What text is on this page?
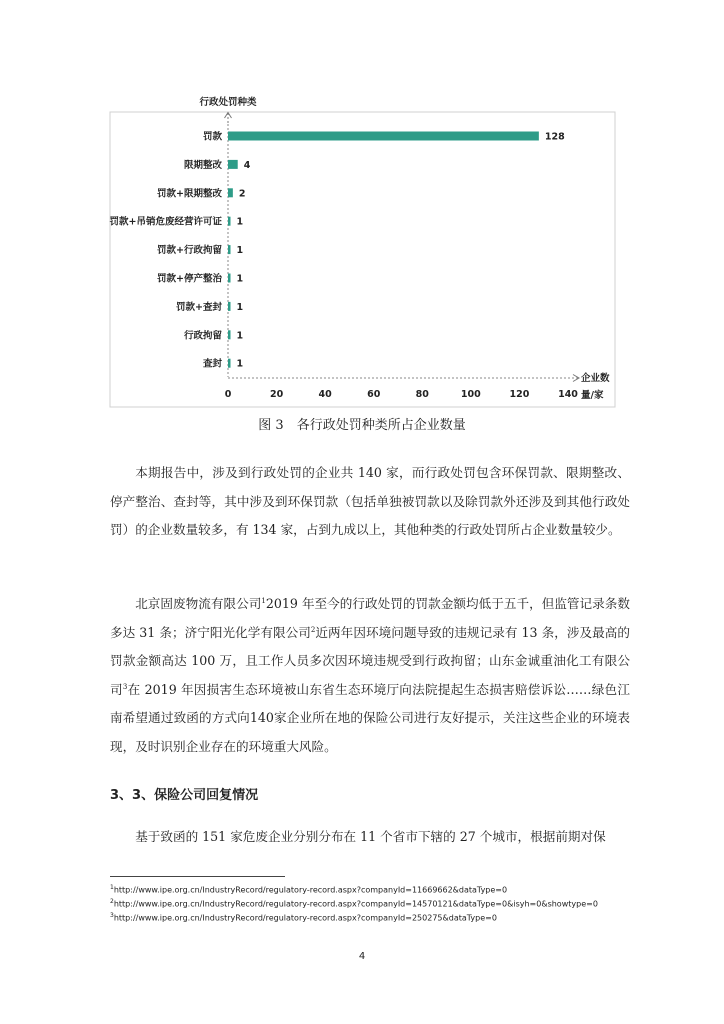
行政处罚种类
企业数
量/家
罚款	128
限期整改 4
罚款+限期整改 2
罚款+吊销危废经营许可证 1
罚款+行政拘留 1
罚款+停产整治 1
罚款+查封 1
行政拘留 1
查封 1
0	20	40	60	80	100	120	140
图 3　各行政处罚种类所占企业数量

本期报告中，涉及到行政处罚的企业共 140 家，而行政处罚包含环保罚款、限期整改、停产整治、查封等，其中涉及到环保罚款（包括单独被罚款以及除罚款外还涉及到其他行政处罚）的企业数量较多，有 134 家，占到九成以上，其他种类的行政处罚所占企业数量较少。

北京固废物流有限公司$^1$2019 年至今的行政处罚的罚款金额均低于五千，但监管记录条数多达 31 条；济宁阳光化学有限公司$^2$近两年因环境问题导致的违规记录有 13 条，涉及最高的罚款金额高达 100 万，且工作人员多次因环境违规受到行政拘留；山东金诚重油化工有限公司$^3$在 2019 年因损害生态环境被山东省生态环境厅向法院提起生态损害赔偿诉讼……绿色江南希望通过致函的方式向140家企业所在地的保险公司进行友好提示，关注这些企业的环境表现，及时识别企业存在的环境重大风险。

3、3、保险公司回复情况

基于致函的 151 家危废企业分别分布在 11 个省市下辖的 27 个城市，根据前期对保

$^1$http://www.ipe.org.cn/IndustryRecord/regulatory-record.aspx?companyId=11669662&dataType=0
$^2$http://www.ipe.org.cn/IndustryRecord/regulatory-record.aspx?companyId=14570121&dataType=0&isyh=0&showtype=0
$^3$http://www.ipe.org.cn/IndustryRecord/regulatory-record.aspx?companyId=250275&dataType=0
4
